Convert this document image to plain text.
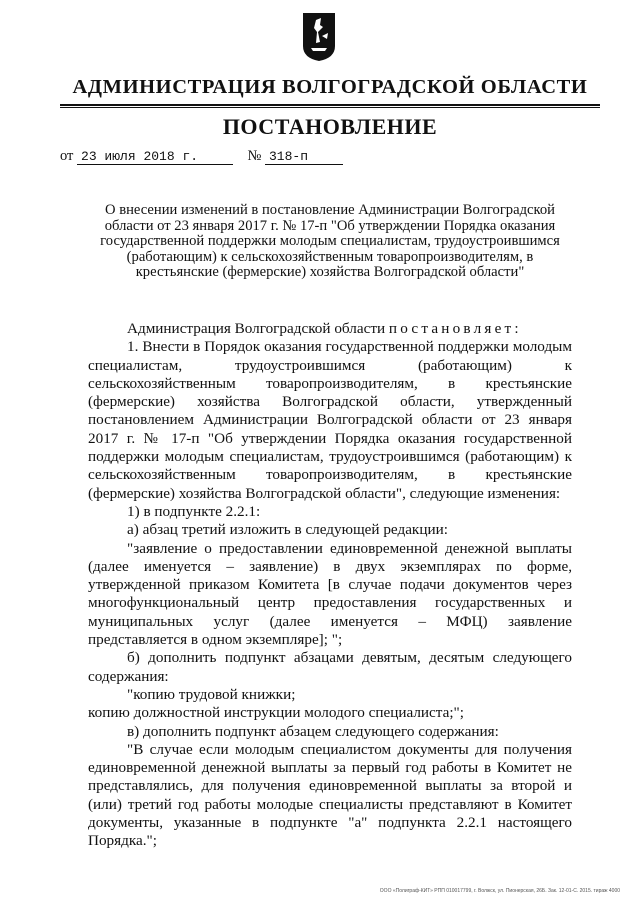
АДМИНИСТРАЦИЯ ВОЛГОГРАДСКОЙ ОБЛАСТИ
ПОСТАНОВЛЕНИЕ
от 23 июля 2018 г.	№ 318-п
О внесении изменений в постановление Администрации Волгоградской области от 23 января 2017 г. № 17-п "Об утверждении Порядка оказания государственной поддержки молодым специалистам, трудоустроившимся (работающим) к сельскохозяйственным товаропроизводителям, в крестьянские (фермерские) хозяйства Волгоградской области"

Администрация Волгоградской области постановляет:

1. Внести в Порядок оказания государственной поддержки молодым специалистам, трудоустроившимся (работающим) к сельскохозяйственным товаропроизводителям, в крестьянские (фермерские) хозяйства Волгоградской области, утвержденный постановлением Администрации Волгоградской области от 23 января 2017 г. № 17-п "Об утверждении Порядка оказания государственной поддержки молодым специалистам, трудоустроившимся (работающим) к сельскохозяйственным товаропроизводителям, в крестьянские (фермерские) хозяйства Волгоградской области", следующие изменения:

1) в подпункте 2.2.1:

а) абзац третий изложить в следующей редакции:

"заявление о предоставлении единовременной денежной выплаты (далее именуется – заявление) в двух экземплярах по форме, утвержденной приказом Комитета [в случае подачи документов через многофункциональный центр предоставления государственных и муниципальных услуг (далее именуется – МФЦ) заявление представляется в одном экземпляре]; ";

б) дополнить подпункт абзацами девятым, десятым следующего содержания:

"копию трудовой книжки;

копию должностной инструкции молодого специалиста;";

в) дополнить подпункт абзацем следующего содержания:

"В случае если молодым специалистом документы для получения единовременной денежной выплаты за первый год работы в Комитет не представлялись, для получения единовременной выплаты за второй и (или) третий год работы молодые специалисты представляют в Комитет документы, указанные в подпункте "а" подпункта 2.2.1 настоящего Порядка.";

ООО «Полиграф-КИТ» РПП 010017799, г. Волжск, ул. Пионерская, 26Б. Зак. 12-01-С. 2015. тираж 4000
